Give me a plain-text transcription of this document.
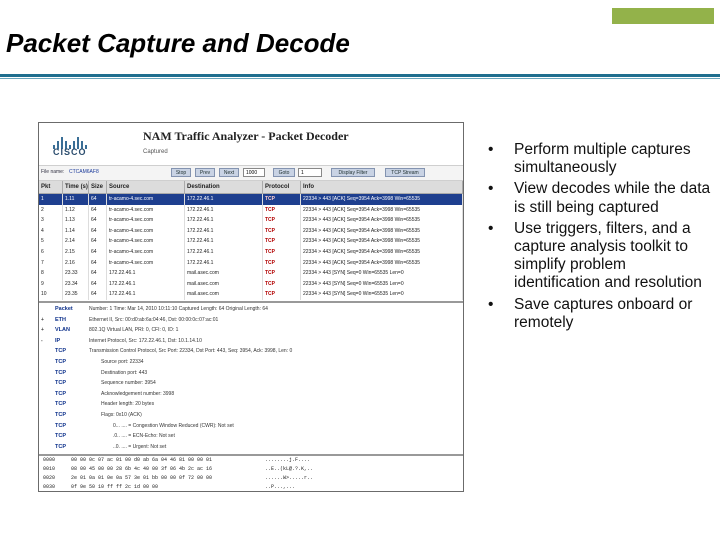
Packet Capture and Decode
CISCO
NAM Traffic Analyzer - Packet Decoder
Captured
File name: CTCAM6AF8	Stop	Prev	Next	1000	Goto	1	Display Filter	TCP Stream
Pkt	Time (s) Size Source	Destination	Protocol	Info
1	1.11	64	tr-acamo-4.sec.com	172.22.46.1	TCP	22334 > 443 [ACK] Seq=3954 Ack=3998 Win=65535
2	1.12	64	tr-acamo-4.sec.com	172.22.46.1	TCP	22334 > 443 [ACK] Seq=3954 Ack=3998 Win=65535
3	1.13	64	tr-acamo-4.sec.com	172.22.46.1	TCP	22334 > 443 [ACK] Seq=3954 Ack=3998 Win=65535
4	1.14	64	tr-acamo-4.sec.com	172.22.46.1	TCP	22334 > 443 [ACK] Seq=3954 Ack=3998 Win=65535
5	2.14	64	tr-acamo-4.sec.com	172.22.46.1	TCP	22334 > 443 [ACK] Seq=3954 Ack=3998 Win=65535
6	2.15	64	tr-acamo-4.sec.com	172.22.46.1	TCP	22334 > 443 [ACK] Seq=3954 Ack=3998 Win=65535
7	2.16	64	tr-acamo-4.sec.com	172.22.46.1	TCP	22334 > 443 [ACK] Seq=3954 Ack=3998 Win=65535
8	23.33	64	172.22.46.1	mail.asec.com	TCP	22334 > 443 [SYN] Seq=0 Win=65535 Len=0
9	23.34	64	172.22.46.1	mail.asec.com	TCP	22334 > 443 [SYN] Seq=0 Win=65535 Len=0
10	23.35	64	172.22.46.1	mail.asec.com	TCP	22334 > 443 [SYN] Seq=0 Win=65535 Len=0
Packet	Number: 1 Time: Mar 14, 2010 10:11:10 Captured Length: 64 Original Length: 64
+	ETH	Ethernet II, Src: 00:d0:ab:6a:04:46, Dst: 00:00:0c:07:ac:01
+	VLAN	802.1Q Virtual LAN, PRI: 0, CFI: 0, ID: 1
-	IP	Internet Protocol, Src: 172.22.46.1, Dst: 10.1.14.10
TCP	Transmission Control Protocol, Src Port: 22334, Dst Port: 443, Seq: 3954, Ack: 3998, Len: 0
TCP	Source port: 22334
TCP	Destination port: 443
TCP	Sequence number: 3954
TCP	Acknowledgement number: 3998
TCP	Header length: 20 bytes
TCP	Flags: 0x10 (ACK)
TCP	0... .... = Congestion Window Reduced (CWR): Not set
TCP	.0.. .... = ECN-Echo: Not set
TCP	..0. .... = Urgent: Not set
0000	00 00 0c 07 ac 01 00 d0 ab 6a 04 46 81 00 00 01	........j.F....
0010	08 00 45 00 00 28 6b 4c 40 00 3f 06 4b 2c ac 16	..E..(kL@.?.K,..
0020	2e 01 0a 01 0e 0a 57 3e 01 bb 00 00 0f 72 00 00	......W>.....r..
0030	0f 9e 50 10 ff ff 2c 1d 00 00	..P...,...
• Perform multiple captures simultaneously
• View decodes while the data is still being captured
• Use triggers, filters, and a capture analysis toolkit to simplify problem identification and resolution
• Save captures onboard or remotely
